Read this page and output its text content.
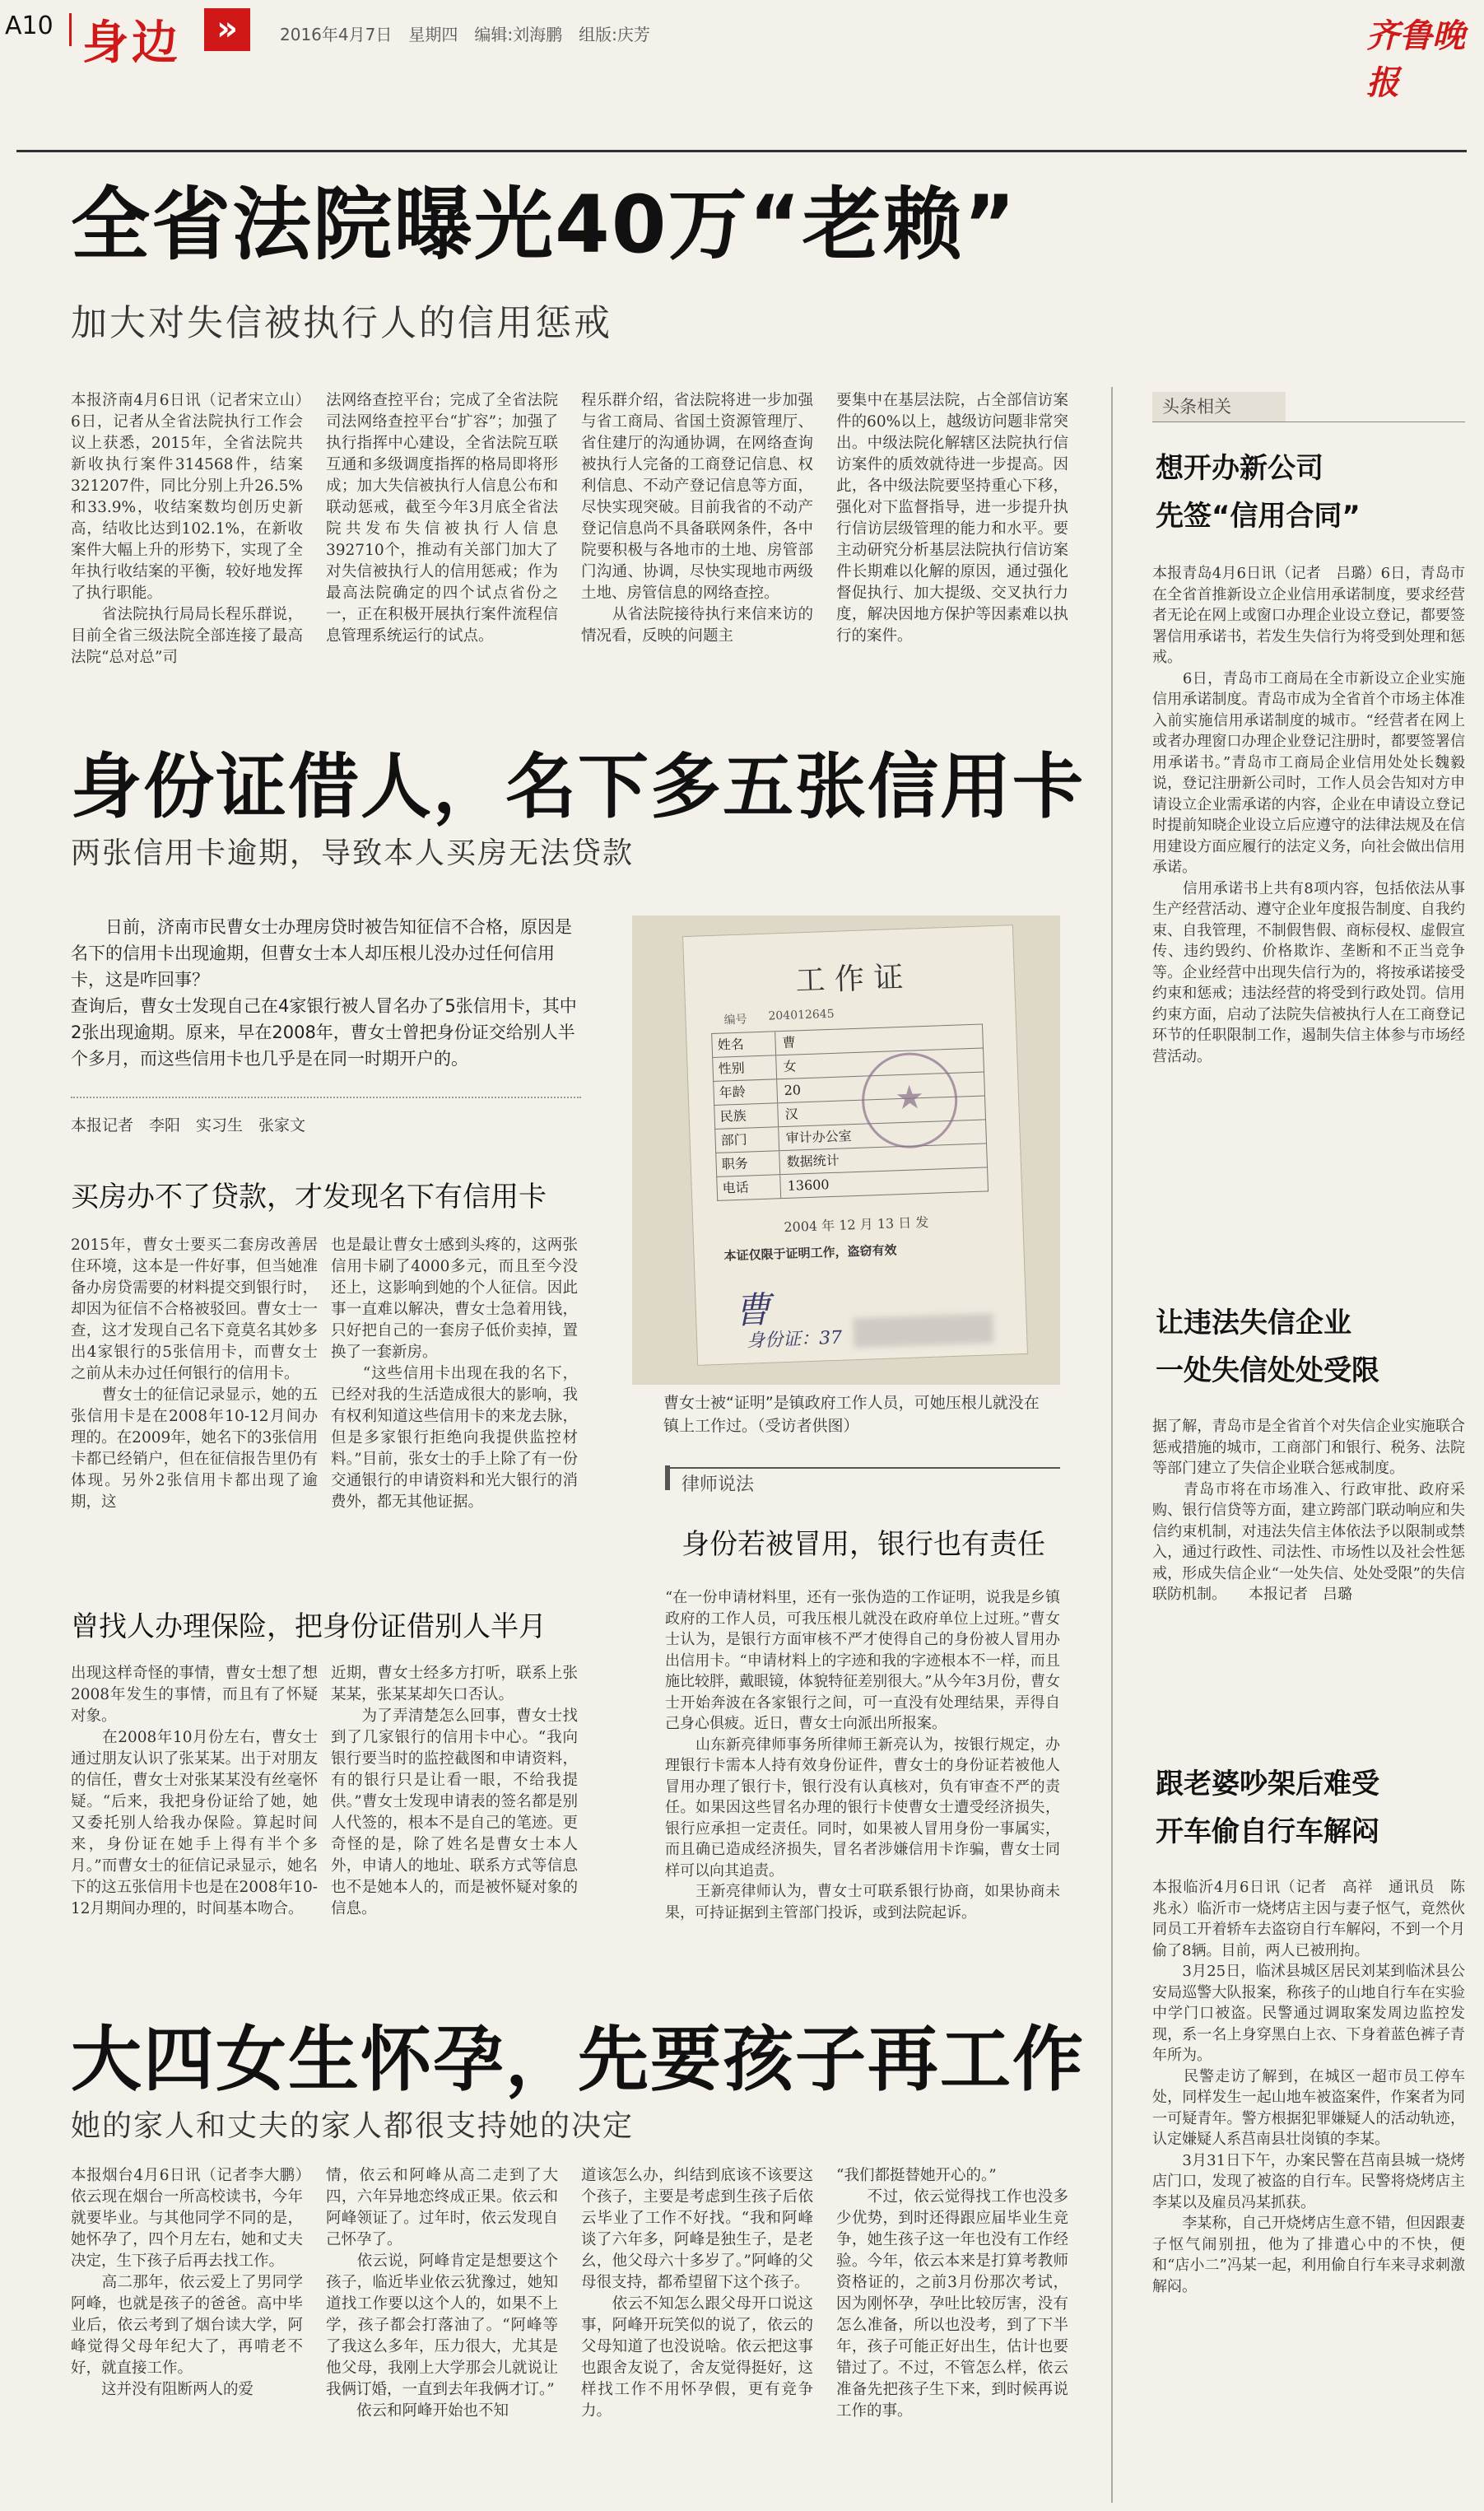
A10 身边	»	2016年4月7日　星期四　编辑:刘海鹏　组版:庆芳	齐鲁晚报
全省法院曝光40万“老赖”
加大对失信被执行人的信用惩戒
本报济南4月6日讯（记者宋立山）6日，记者从全省法院执行工作会议上获悉，2015年，全省法院共新收执行案件314568件，结案321207件，同比分别上升26.5%和33.9%，收结案数均创历史新高，结收比达到102.1%，在新收案件大幅上升的形势下，实现了全年执行收结案的平衡，较好地发挥了执行职能。
　　省法院执行局局长程乐群说，目前全省三级法院全部连接了最高法院“总对总”司
法网络查控平台；完成了全省法院司法网络查控平台“扩容”；加强了执行指挥中心建设，全省法院互联互通和多级调度指挥的格局即将形成；加大失信被执行人信息公布和联动惩戒，截至今年3月底全省法院共发布失信被执行人信息392710个，推动有关部门加大了对失信被执行人的信用惩戒；作为最高法院确定的四个试点省份之一，正在积极开展执行案件流程信息管理系统运行的试点。
程乐群介绍，省法院将进一步加强与省工商局、省国土资源管理厅、省住建厅的沟通协调，在网络查询被执行人完备的工商登记信息、权利信息、不动产登记信息等方面，尽快实现突破。目前我省的不动产登记信息尚不具备联网条件，各中院要积极与各地市的土地、房管部门沟通、协调，尽快实现地市两级土地、房管信息的网络查控。
　　从省法院接待执行来信来访的情况看，反映的问题主
要集中在基层法院，占全部信访案件的60%以上，越级访问题非常突出。中级法院化解辖区法院执行信访案件的质效就待进一步提高。因此，各中级法院要坚持重心下移，强化对下监督指导，进一步提升执行信访层级管理的能力和水平。要主动研究分析基层法院执行信访案件长期难以化解的原因，通过强化督促执行、加大提级、交叉执行力度，解决因地方保护等因素难以执行的案件。
身份证借人，名下多五张信用卡
两张信用卡逾期，导致本人买房无法贷款
日前，济南市民曹女士办理房贷时被告知征信不合格，原因是名下的信用卡出现逾期，但曹女士本人却压根儿没办过任何信用卡，这是咋回事？
查询后，曹女士发现自己在4家银行被人冒名办了5张信用卡，其中2张出现逾期。原来，早在2008年，曹女士曾把身份证交给别人半个多月，而这些信用卡也几乎是在同一时期开户的。
本报记者　李阳　实习生　张家文
买房办不了贷款，才发现名下有信用卡
2015年，曹女士要买二套房改善居住环境，这本是一件好事，但当她准备办房贷需要的材料提交到银行时，却因为征信不合格被驳回。曹女士一查，这才发现自己名下竟莫名其妙多出4家银行的5张信用卡，而曹女士之前从未办过任何银行的信用卡。
　　曹女士的征信记录显示，她的五张信用卡是在2008年10-12月间办理的。在2009年，她名下的3张信用卡都已经销户，但在征信报告里仍有体现。另外2张信用卡都出现了逾期，这
也是最让曹女士感到头疼的，这两张信用卡刷了4000多元，而且至今没还上，这影响到她的个人征信。因此事一直难以解决，曹女士急着用钱，只好把自己的一套房子低价卖掉，置换了一套新房。
　　“这些信用卡出现在我的名下，已经对我的生活造成很大的影响，我有权利知道这些信用卡的来龙去脉，但是多家银行拒绝向我提供监控材料。”目前，张女士的手上除了有一份交通银行的申请资料和光大银行的消费外，都无其他证据。
曾找人办理保险，把身份证借别人半月
出现这样奇怪的事情，曹女士想了想2008年发生的事情，而且有了怀疑对象。
　　在2008年10月份左右，曹女士通过朋友认识了张某某。出于对朋友的信任，曹女士对张某某没有丝毫怀疑。“后来，我把身份证给了她，她又委托别人给我办保险。算起时间来，身份证在她手上得有半个多月。”而曹女士的征信记录显示，她名下的这五张信用卡也是在2008年10-12月期间办理的，时间基本吻合。
近期，曹女士经多方打听，联系上张某某，张某某却矢口否认。
　　为了弄清楚怎么回事，曹女士找到了几家银行的信用卡中心。“我向银行要当时的监控截图和申请资料，有的银行只是让看一眼，不给我提供。”曹女士发现申请表的签名都是别人代签的，根本不是自己的笔迹。更奇怪的是，除了姓名是曹女士本人外，申请人的地址、联系方式等信息也不是她本人的，而是被怀疑对象的信息。
工 作 证
编号 204012645
姓名	曹
性别	女
年龄	20
民族	汉
部门	审计办公室
职务	数据统计
电话	13600
★
2004 年 12 月 13 日 发
本证仅限于证明工作，盗窃有效
曹
身份证：37
曹女士被“证明”是镇政府工作人员，可她压根儿就没在镇上工作过。（受访者供图）
律师说法
身份若被冒用，银行也有责任
“在一份申请材料里，还有一张伪造的工作证明，说我是乡镇政府的工作人员，可我压根儿就没在政府单位上过班。”曹女士认为，是银行方面审核不严才使得自己的身份被人冒用办出信用卡。“申请材料上的字迹和我的字迹根本不一样，而且施比较胖，戴眼镜，体貌特征差别很大。”从今年3月份，曹女士开始奔波在各家银行之间，可一直没有处理结果，弄得自己身心俱疲。近日，曹女士向派出所报案。
　　山东新亮律师事务所律师王新亮认为，按银行规定，办理银行卡需本人持有效身份证件，曹女士的身份证若被他人冒用办理了银行卡，银行没有认真核对，负有审查不严的责任。如果因这些冒名办理的银行卡使曹女士遭受经济损失，银行应承担一定责任。同时，如果被人冒用身份一事属实，而且确已造成经济损失，冒名者涉嫌信用卡诈骗，曹女士同样可以向其追责。
　　王新亮律师认为，曹女士可联系银行协商，如果协商未果，可持证据到主管部门投诉，或到法院起诉。
大四女生怀孕，先要孩子再工作
她的家人和丈夫的家人都很支持她的决定
本报烟台4月6日讯（记者李大鹏）依云现在烟台一所高校读书，今年就要毕业。与其他同学不同的是，她怀孕了，四个月左右，她和丈夫决定，生下孩子后再去找工作。
　　高二那年，依云爱上了男同学阿峰，也就是孩子的爸爸。高中毕业后，依云考到了烟台读大学，阿峰觉得父母年纪大了，再啃老不好，就直接工作。
　　这并没有阻断两人的爱
情，依云和阿峰从高二走到了大四，六年异地恋终成正果。依云和阿峰领证了。过年时，依云发现自己怀孕了。
　　依云说，阿峰肯定是想要这个孩子，临近毕业依云犹豫过，她知道找工作要以这个人的，如果不上学，孩子都会打落油了。“阿峰等了我这么多年，压力很大，尤其是他父母，我刚上大学那会儿就说让我俩订婚，一直到去年我俩才订。”
　　依云和阿峰开始也不知
道该怎么办，纠结到底该不该要这个孩子，主要是考虑到生孩子后依云毕业了工作不好找。“我和阿峰谈了六年多，阿峰是独生子，是老幺，他父母六十多岁了。”阿峰的父母很支持，都希望留下这个孩子。
　　依云不知怎么跟父母开口说这事，阿峰开玩笑似的说了，依云的父母知道了也没说啥。依云把这事也跟舍友说了，舍友觉得挺好，这样找工作不用怀孕假，更有竞争力。
“我们都挺替她开心的。”
　　不过，依云觉得找工作也没多少优势，到时还得跟应届毕业生竞争，她生孩子这一年也没有工作经验。今年，依云本来是打算考教师资格证的，之前3月份那次考试，因为刚怀孕，孕吐比较厉害，没有怎么准备，所以也没考，到了下半年，孩子可能正好出生，估计也要错过了。不过，不管怎么样，依云准备先把孩子生下来，到时候再说工作的事。
头条相关
想开办新公司
先签“信用合同”
本报青岛4月6日讯（记者　吕璐）6日，青岛市在全省首推新设立企业信用承诺制度，要求经营者无论在网上或窗口办理企业设立登记，都要签署信用承诺书，若发生失信行为将受到处理和惩戒。
　　6日，青岛市工商局在全市新设立企业实施信用承诺制度。青岛市成为全省首个市场主体准入前实施信用承诺制度的城市。“经营者在网上或者办理窗口办理企业登记注册时，都要签署信用承诺书。”青岛市工商局企业信用处处长魏毅说，登记注册新公司时，工作人员会告知对方申请设立企业需承诺的内容，企业在申请设立登记时提前知晓企业设立后应遵守的法律法规及在信用建设方面应履行的法定义务，向社会做出信用承诺。
　　信用承诺书上共有8项内容，包括依法从事生产经营活动、遵守企业年度报告制度、自我约束、自我管理，不制假售假、商标侵权、虚假宣传、违约毁约、价格欺诈、垄断和不正当竞争等。企业经营中出现失信行为的，将按承诺接受约束和惩戒；违法经营的将受到行政处罚。信用约束方面，启动了法院失信被执行人在工商登记环节的任职限制工作，遏制失信主体参与市场经营活动。
让违法失信企业
一处失信处处受限
据了解，青岛市是全省首个对失信企业实施联合惩戒措施的城市，工商部门和银行、税务、法院等部门建立了失信企业联合惩戒制度。
　　青岛市将在市场准入、行政审批、政府采购、银行信贷等方面，建立跨部门联动响应和失信约束机制，对违法失信主体依法予以限制或禁入，通过行政性、司法性、市场性以及社会性惩戒，形成失信企业“一处失信、处处受限”的失信联防机制。　　本报记者　吕璐
跟老婆吵架后难受
开车偷自行车解闷
本报临沂4月6日讯（记者　高祥　通讯员　陈兆永）临沂市一烧烤店主因与妻子怄气，竟然伙同员工开着轿车去盗窃自行车解闷，不到一个月偷了8辆。目前，两人已被刑拘。
　　3月25日，临沭县城区居民刘某到临沭县公安局巡警大队报案，称孩子的山地自行车在实验中学门口被盗。民警通过调取案发周边监控发现，系一名上身穿黑白上衣、下身着蓝色裤子青年所为。
　　民警走访了解到，在城区一超市员工停车处，同样发生一起山地车被盗案件，作案者为同一可疑青年。警方根据犯罪嫌疑人的活动轨迹，认定嫌疑人系莒南县壮岗镇的李某。
　　3月31日下午，办案民警在莒南县城一烧烤店门口，发现了被盗的自行车。民警将烧烤店主李某以及雇员冯某抓获。
　　李某称，自己开烧烤店生意不错，但因跟妻子怄气闹别扭，他为了排遣心中的不快，便和“店小二”冯某一起，利用偷自行车来寻求刺激解闷。
